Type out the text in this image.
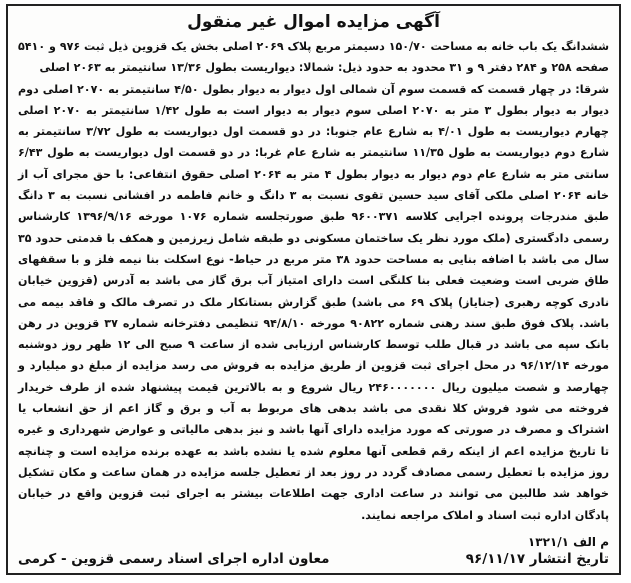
آگهی مزایده اموال غیر منقول

ششدانگ یک باب خانه به مساحت ۱۵۰/۷۰ دسیمتر مربع پلاک ۲۰۶۹ اصلی بخش یک قزوین ذیل ثبت ۹۷۶ و ۵۴۱۰ صفحه ۲۵۸ و ۲۸۴ دفتر ۹ و ۳۱ محدود به حدود ذیل: شمالا: دیواریست بطول ۱۳/۳۶ سانتیمتر به ۲۰۶۳ اصلی

شرقا: در چهار قسمت که قسمت سوم آن شمالی اول دیوار به دیوار بطول ۴/۵۰ سانتیمتر به ۲۰۷۰ اصلی دوم دیوار به دیوار بطول ۳ متر به ۲۰۷۰ اصلی سوم دیوار به دیوار است به طول ۱/۴۲ سانتیمتر به ۲۰۷۰ اصلی چهارم دیواریست به طول ۴/۰۱ به شارع عام جنوبا: در دو قسمت اول دیواریست به طول ۳/۷۲ سانتیمتر به شارع دوم دیواریست به طول ۱۱/۳۵ سانتیمتر به شارع عام غربا: در دو قسمت اول دیواریست به طول ۶/۴۳ سانتی متر به شارع عام دوم دیوار به دیوار بطول ۴ متر به ۲۰۶۴ اصلی حقوق انتفاعی: با حق مجرای آب از خانه ۲۰۶۴ اصلی ملکی آقای سید حسین تقوی نسبت به ۳ دانگ و خانم فاطمه در افشانی نسبت به ۳ دانگ طبق مندرجات پرونده اجرایی کلاسه ۹۶۰۰۳۷۱ طبق صورتجلسه شماره ۱۰۷۶ مورخه ۱۳۹۶/۹/۱۶ کارشناس رسمی دادگستری (ملک مورد نظر یک ساختمان مسکونی دو طبقه شامل زیرزمین و همکف با قدمتی حدود ۳۵ سال می باشد با اضافه بنایی به مساحت حدود ۳۸ متر مربع در حیاط- نوع اسکلت بنا نیمه فلز و با سقفهای طاق ضربی است وضعیت فعلی بنا کلنگی است دارای امتیاز آب برق گاز می باشد به آدرس (قزوین خیابان نادری کوچه رهبری (جنایاز) پلاک ۶۹ می باشد) طبق گزارش بستانکار ملک در تصرف مالک و فاقد بیمه می باشد. پلاک فوق طبق سند رهنی شماره ۹۰۸۲۲ مورخه ۹۴/۸/۱۰ تنظیمی دفترخانه شماره ۳۷ قزوین در رهن بانک سپه می باشد در قبال طلب توسط کارشناس ارزیابی شده از ساعت ۹ صبح الی ۱۲ ظهر روز دوشنبه مورخه ۹۶/۱۲/۱۴ در محل اجرای ثبت قزوین از طریق مزایده به فروش می رسد مزایده از مبلغ دو میلیارد و چهارصد و شصت میلیون ریال ۲۴۶۰۰۰۰۰۰۰ ریال شروع و به بالاترین قیمت پیشنهاد شده از طرف خریدار فروخته می شود فروش کلا نقدی می باشد بدهی های مربوط به آب و برق و گاز اعم از حق انشعاب یا اشتراک و مصرف در صورتی که مورد مزایده دارای آنها باشد و نیز بدهی مالیاتی و عوارض شهرداری و غیره تا تاریخ مزایده اعم از اینکه رقم قطعی آنها معلوم شده یا نشده باشد به عهده برنده مزایده است و چنانچه روز مزایده با تعطیل رسمی مصادف گردد در روز بعد از تعطیل جلسه مزایده در همان ساعت و مکان تشکیل خواهد شد طالبین می توانند در ساعت اداری جهت اطلاعات بیشتر به اجرای ثبت قزوین واقع در خیابان پادگان اداره ثبت اسناد و املاک مراجعه نمایند.

م الف ۱۳۲۱/۱
تاریخ انتشار ۹۶/۱۱/۱۷
معاون اداره اجرای اسناد رسمی قزوین - کرمی
